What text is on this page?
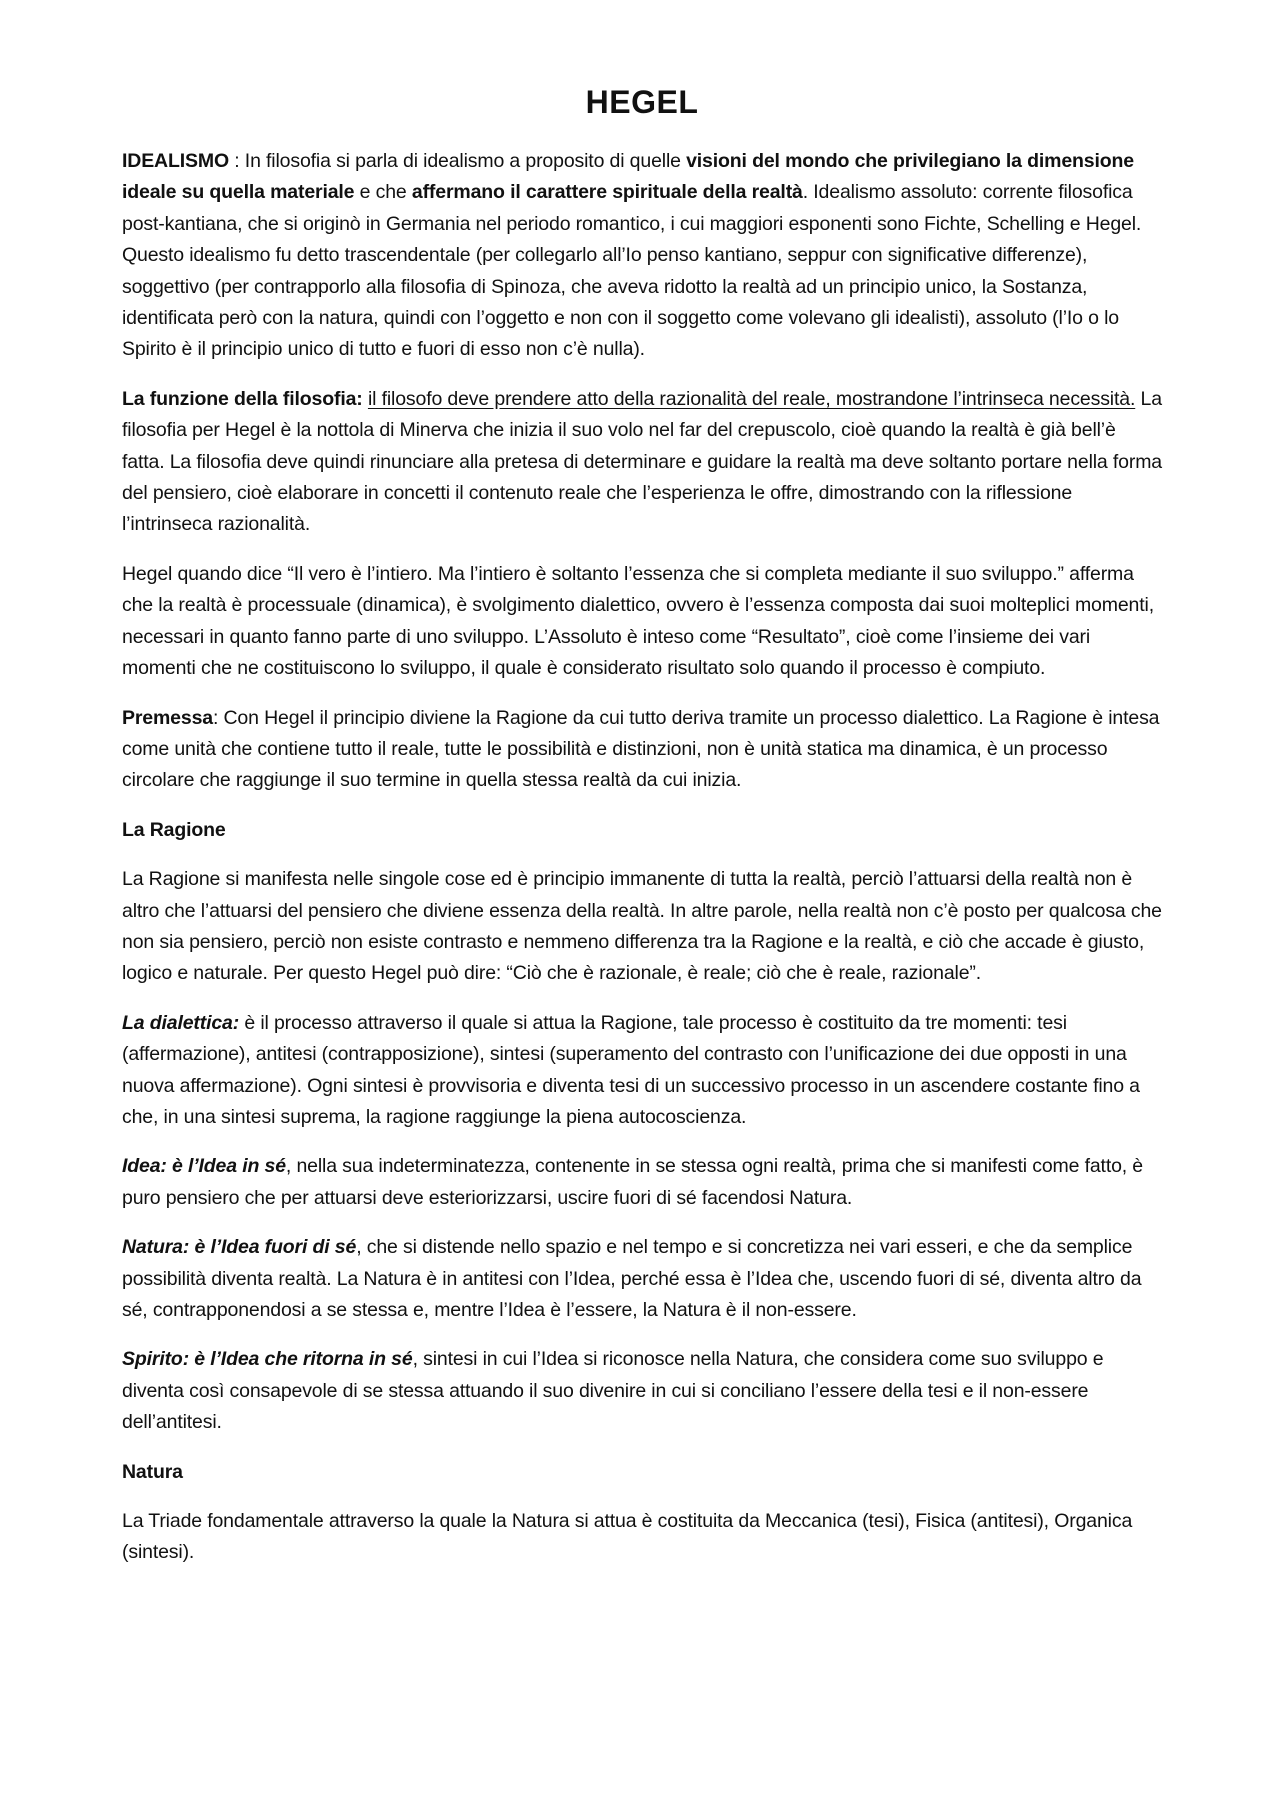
HEGEL

IDEALISMO : In filosofia si parla di idealismo a proposito di quelle visioni del mondo che privilegiano la dimensione ideale su quella materiale e che affermano il carattere spirituale della realtà. Idealismo assoluto: corrente filosofica post-kantiana, che si originò in Germania nel periodo romantico, i cui maggiori esponenti sono Fichte, Schelling e Hegel. Questo idealismo fu detto trascendentale (per collegarlo all’Io penso kantiano, seppur con significative differenze), soggettivo (per contrapporlo alla filosofia di Spinoza, che aveva ridotto la realtà ad un principio unico, la Sostanza, identificata però con la natura, quindi con l’oggetto e non con il soggetto come volevano gli idealisti), assoluto (l’Io o lo Spirito è il principio unico di tutto e fuori di esso non c’è nulla).

La funzione della filosofia: il filosofo deve prendere atto della razionalità del reale, mostrandone l’intrinseca necessità. La filosofia per Hegel è la nottola di Minerva che inizia il suo volo nel far del crepuscolo, cioè quando la realtà è già bell’è fatta. La filosofia deve quindi rinunciare alla pretesa di determinare e guidare la realtà ma deve soltanto portare nella forma del pensiero, cioè elaborare in concetti il contenuto reale che l’esperienza le offre, dimostrando con la riflessione l’intrinseca razionalità.

Hegel quando dice “Il vero è l’intiero. Ma l’intiero è soltanto l’essenza che si completa mediante il suo sviluppo.” afferma che la realtà è processuale (dinamica), è svolgimento dialettico, ovvero è l’essenza composta dai suoi molteplici momenti, necessari in quanto fanno parte di uno sviluppo. L’Assoluto è inteso come “Resultato”, cioè come l’insieme dei vari momenti che ne costituiscono lo sviluppo, il quale è considerato risultato solo quando il processo è compiuto.

Premessa: Con Hegel il principio diviene la Ragione da cui tutto deriva tramite un processo dialettico. La Ragione è intesa come unità che contiene tutto il reale, tutte le possibilità e distinzioni, non è unità statica ma dinamica, è un processo circolare che raggiunge il suo termine in quella stessa realtà da cui inizia.

La Ragione

La Ragione si manifesta nelle singole cose ed è principio immanente di tutta la realtà, perciò l’attuarsi della realtà non è altro che l’attuarsi del pensiero che diviene essenza della realtà. In altre parole, nella realtà non c’è posto per qualcosa che non sia pensiero, perciò non esiste contrasto e nemmeno differenza tra la Ragione e la realtà, e ciò che accade è giusto, logico e naturale. Per questo Hegel può dire: “Ciò che è razionale, è reale; ciò che è reale, razionale”.

La dialettica: è il processo attraverso il quale si attua la Ragione, tale processo è costituito da tre momenti: tesi (affermazione), antitesi (contrapposizione), sintesi (superamento del contrasto con l’unificazione dei due opposti in una nuova affermazione). Ogni sintesi è provvisoria e diventa tesi di un successivo processo in un ascendere costante fino a che, in una sintesi suprema, la ragione raggiunge la piena autocoscienza.

Idea: è l’Idea in sé, nella sua indeterminatezza, contenente in se stessa ogni realtà, prima che si manifesti come fatto, è puro pensiero che per attuarsi deve esteriorizzarsi, uscire fuori di sé facendosi Natura.

Natura: è l’Idea fuori di sé, che si distende nello spazio e nel tempo e si concretizza nei vari esseri, e che da semplice possibilità diventa realtà. La Natura è in antitesi con l’Idea, perché essa è l’Idea che, uscendo fuori di sé, diventa altro da sé, contrapponendosi a se stessa e, mentre l’Idea è l’essere, la Natura è il non-essere.

Spirito: è l’Idea che ritorna in sé, sintesi in cui l’Idea si riconosce nella Natura, che considera come suo sviluppo e diventa così consapevole di se stessa attuando il suo divenire in cui si conciliano l’essere della tesi e il non-essere dell’antitesi.

Natura

La Triade fondamentale attraverso la quale la Natura si attua è costituita da Meccanica (tesi), Fisica (antitesi), Organica (sintesi).
